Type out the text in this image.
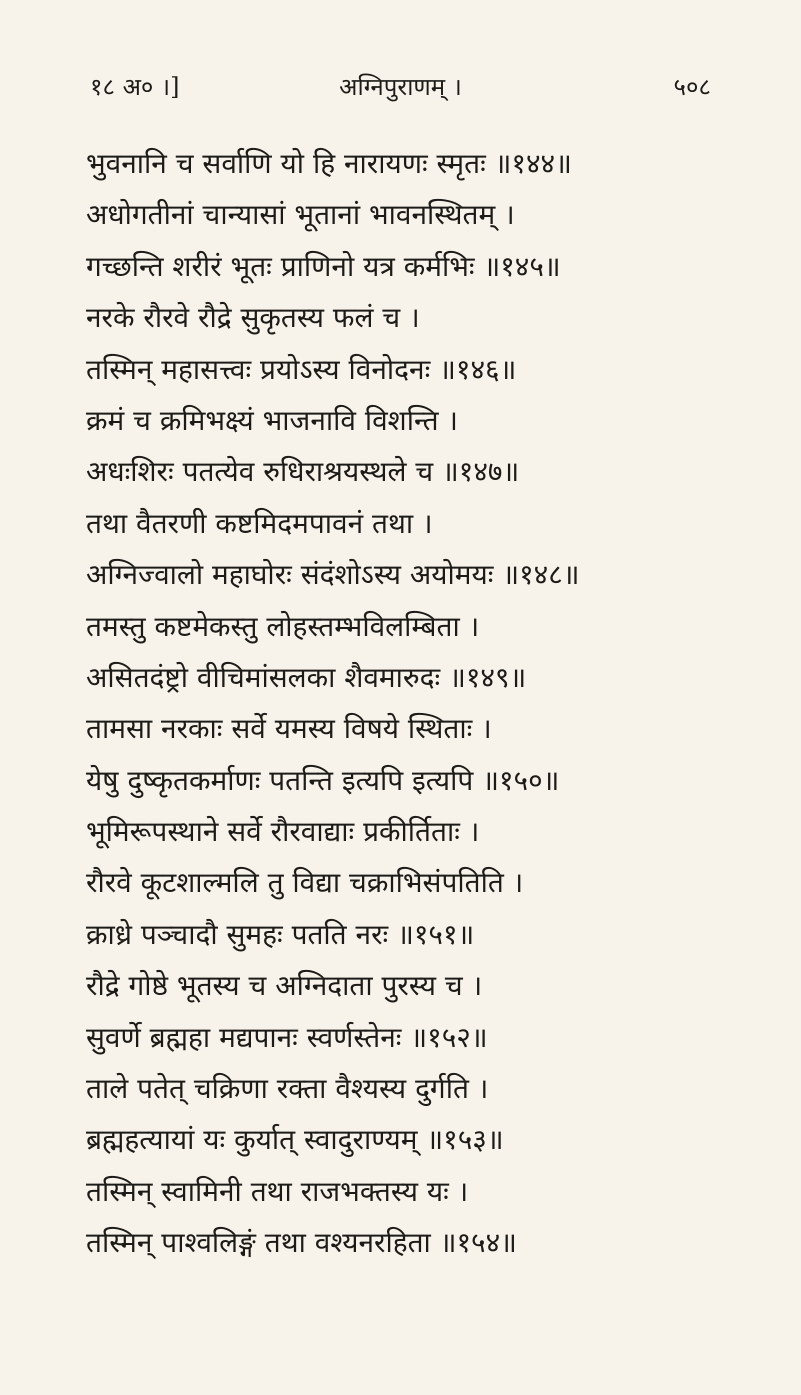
१८ अ० ।]	अग्निपुराणम् ।	५०८
भुवनानि च सर्वाणि यो हि नारायणः स्मृतः ॥१४४॥
अधोगतीनां चान्यासां भूतानां भावनस्थितम् ।
गच्छन्ति शरीरं भूतः प्राणिनो यत्र कर्मभिः ॥१४५॥
नरके रौरवे रौद्रे सुकृतस्य फलं च ।
तस्मिन् महासत्त्वः प्रयोऽस्य विनोदनः ॥१४६॥
क्रमं च क्रमिभक्ष्यं भाजनावि विशन्ति ।
अधःशिरः पतत्येव रुधिराश्रयस्थले च ॥१४७॥
तथा वैतरणी कष्टमिदमपावनं तथा ।
अग्निज्वालो महाघोरः संदंशोऽस्य अयोमयः ॥१४८॥
तमस्तु कष्टमेकस्तु लोहस्तम्भविलम्बिता ।
असितदंष्ट्रो वीचिमांसलका शैवमारुदः ॥१४९॥
तामसा नरकाः सर्वे यमस्य विषये स्थिताः ।
येषु दुष्कृतकर्माणः पतन्ति इत्यपि इत्यपि ॥१५०॥
भूमिरूपस्थाने सर्वे रौरवाद्याः प्रकीर्तिताः ।
रौरवे कूटशाल्मलि तु विद्या चक्राभिसंपतिति ।
क्राध्रे पञ्चादौ सुमहः पतति नरः ॥१५१॥
रौद्रे गोष्ठे भूतस्य च अग्निदाता पुरस्य च ।
सुवर्णे ब्रह्महा मद्यपानः स्वर्णस्तेनः ॥१५२॥
ताले पतेत् चक्रिणा रक्ता वैश्यस्य दुर्गति ।
ब्रह्महत्यायां यः कुर्यात् स्वादुराण्यम् ॥१५३॥
तस्मिन् स्वामिनी तथा राजभक्तस्य यः ।
तस्मिन् पाश्वलिङ्गं तथा वश्यनरहिता ॥१५४॥
